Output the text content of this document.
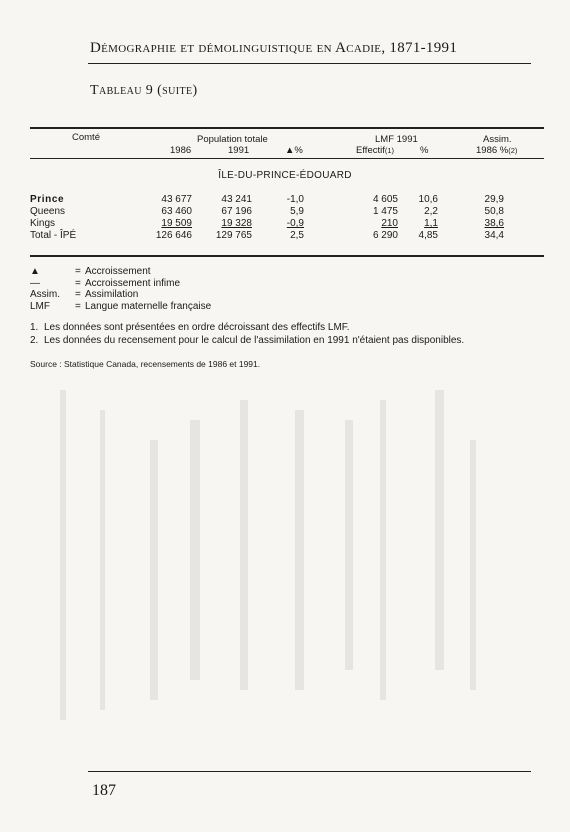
Démographie et démolinguistique en Acadie, 1871-1991
Tableau 9 (suite)
Comté	Population totale
1986	1991	▲%
LMF 1991
Effectif(1)	%
Assim.
1986 %(2)
ÎLE-DU-PRINCE-ÉDOUARD
Prince	43 677	43 241	-1,0	4 605	10,6	29,9
Queens	63 460	67 196	5,9	1 475	2,2	50,8
Kings	19 509	19 328	-0,9	210	1,1	38,6
Total - ÎPÉ	126 646	129 765	2,5	6 290	4,85	34,4
▲	= Accroissement
—	= Accroissement infime
Assim.	= Assimilation
LMF	= Langue maternelle française
1. Les données sont présentées en ordre décroissant des effectifs LMF.
2. Les données du recensement pour le calcul de l'assimilation en 1991 n'étaient pas disponibles.
Source : Statistique Canada, recensements de 1986 et 1991.
187
